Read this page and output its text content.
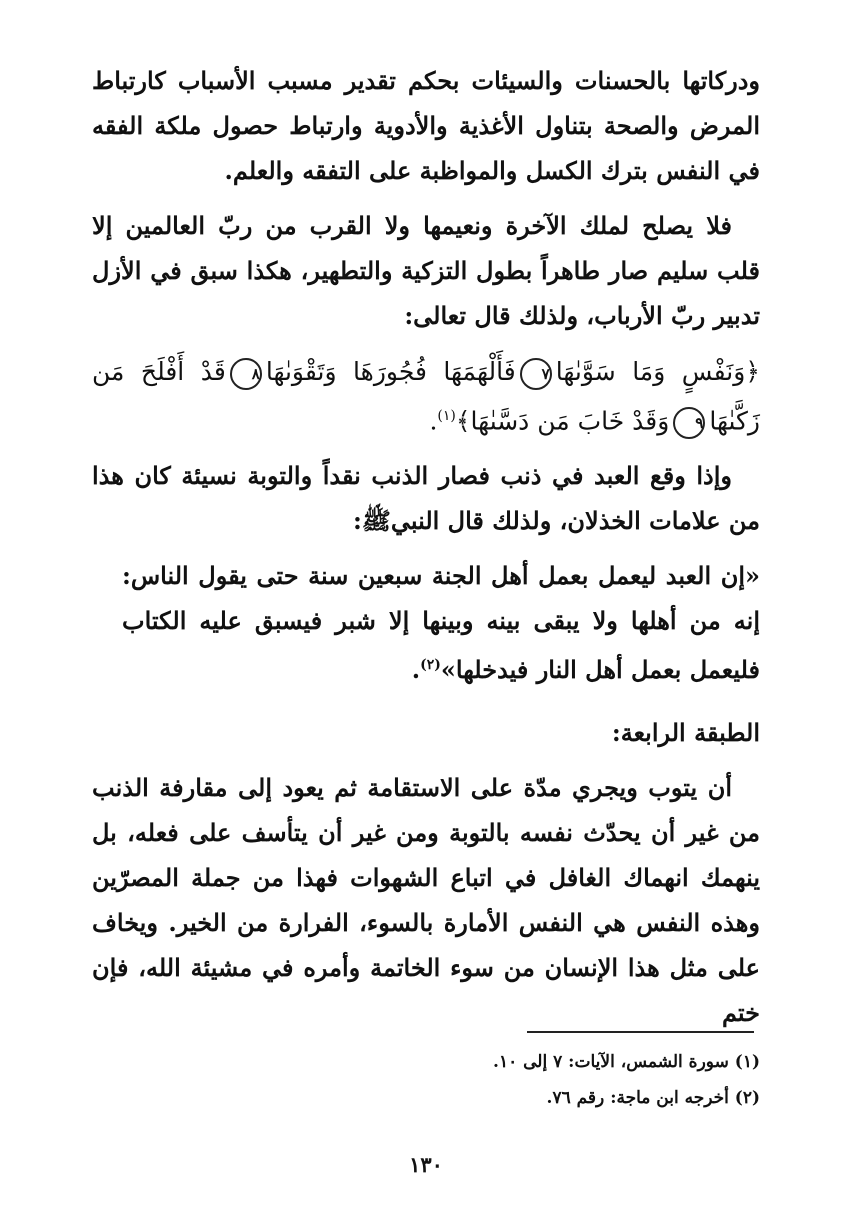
ودركاتها بالحسنات والسيئات بحكم تقدير مسبب الأسباب كارتباط المرض والصحة بتناول الأغذية والأدوية وارتباط حصول ملكة الفقه في النفس بترك الكسل والمواظبة على التفقه والعلم.

فلا يصلح لملك الآخرة ونعيمها ولا القرب من ربّ العالمين إلا قلب سليم صار طاهراً بطول التزكية والتطهير، هكذا سبق في الأزل تدبير ربّ الأرباب، ولذلك قال تعالى:

﴿وَنَفْسٍ وَمَا سَوَّىٰهَا٧فَأَلْهَمَهَا فُجُورَهَا وَتَقْوَىٰهَا٨قَدْ أَفْلَحَ مَن زَكَّىٰهَا٩وَقَدْ خَابَ مَن دَسَّىٰهَا﴾$^{(١)}$.

وإذا وقع العبد في ذنب فصار الذنب نقداً والتوبة نسيئة كان هذا من علامات الخذلان، ولذلك قال النبيﷺ:

«إن العبد ليعمل بعمل أهل الجنة سبعين سنة حتى يقول الناس: إنه من أهلها ولا يبقى بينه وبينها إلا شبر فيسبق عليه الكتاب فليعمل بعمل أهل النار فيدخلها»$^{(٢)}$.

الطبقة الرابعة:

أن يتوب ويجري مدّة على الاستقامة ثم يعود إلى مقارفة الذنب من غير أن يحدّث نفسه بالتوبة ومن غير أن يتأسف على فعله، بل ينهمك انهماك الغافل في اتباع الشهوات فهذا من جملة المصرّين وهذه النفس هي النفس الأمارة بالسوء، الفرارة من الخير. ويخاف على مثل هذا الإنسان من سوء الخاتمة وأمره في مشيئة الله، فإن ختم

(١) سورة الشمس، الآيات: ٧ إلى ١٠.
(٢) أخرجه ابن ماجة: رقم ٧٦.
١٣٠
